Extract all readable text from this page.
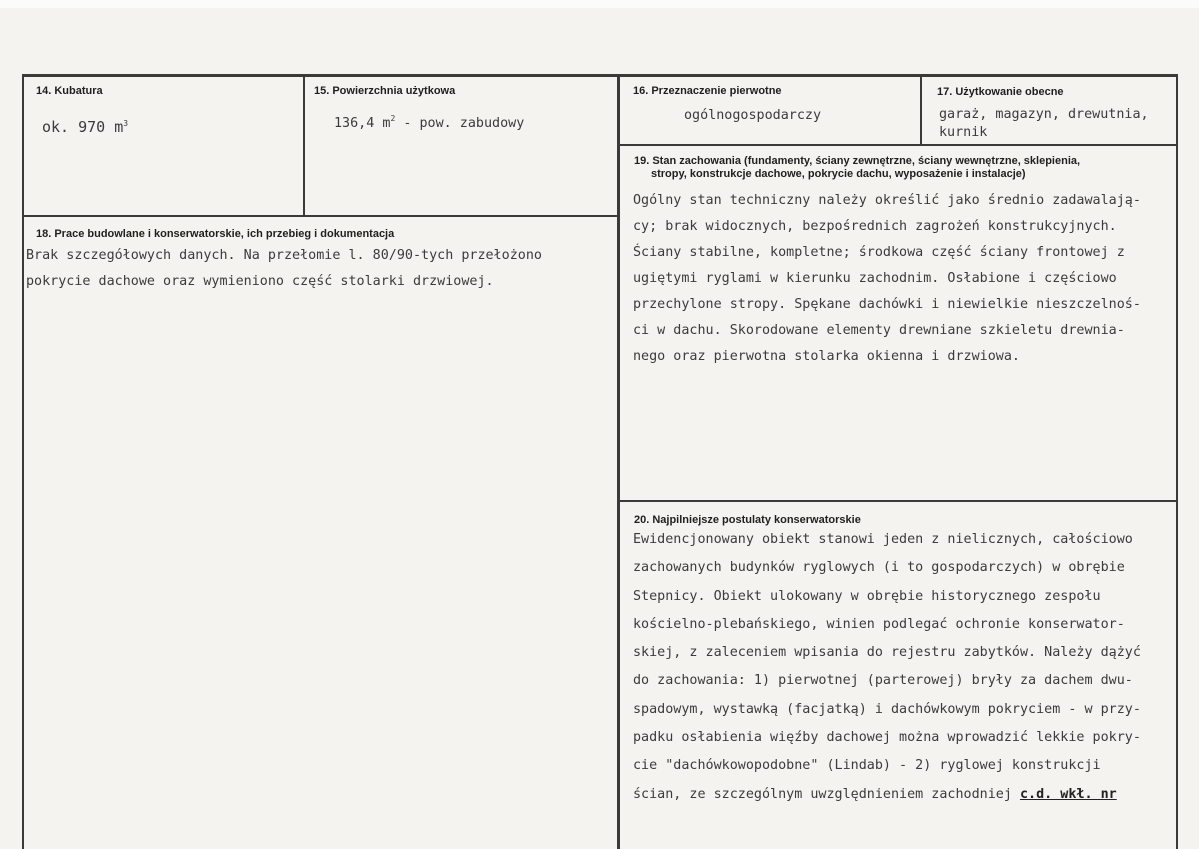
14. Kubatura
ok. 970 $m^3$
15. Powierzchnia użytkowa
136,4 $m^2$ - pow. zabudowy
16. Przeznaczenie pierwotne
ogólnogospodarczy
17. Użytkowanie obecne
garaż, magazyn, drewutnia,
kurnik
18. Prace budowlane i konserwatorskie, ich przebieg i dokumentacja
Brak szczegółowych danych. Na przełomie l. 80/90-tych przełożono
pokrycie dachowe oraz wymieniono część stolarki drzwiowej.
19. Stan zachowania (fundamenty, ściany zewnętrzne, ściany wewnętrzne, sklepienia,
stropy, konstrukcje dachowe, pokrycie dachu, wyposażenie i instalacje)
Ogólny stan techniczny należy określić jako średnio zadawalają-
cy; brak widocznych, bezpośrednich zagrożeń konstrukcyjnych.
Ściany stabilne, kompletne; środkowa część ściany frontowej z
ugiętymi ryglami w kierunku zachodnim. Osłabione i częściowo
przechylone stropy. Spękane dachówki i niewielkie nieszczelnoś-
ci w dachu. Skorodowane elementy drewniane szkieletu drewnia-
nego oraz pierwotna stolarka okienna i drzwiowa.
20. Najpilniejsze postulaty konserwatorskie
Ewidencjonowany obiekt stanowi jeden z nielicznych, całościowo
zachowanych budynków ryglowych (i to gospodarczych) w obrębie
Stepnicy. Obiekt ulokowany w obrębie historycznego zespołu
kościelno-plebańskiego, winien podlegać ochronie konserwator-
skiej, z zaleceniem wpisania do rejestru zabytków. Należy dążyć
do zachowania: 1) pierwotnej (parterowej) bryły za dachem dwu-
spadowym, wystawką (facjatką) i dachówkowym pokryciem - w przy-
padku osłabienia więźby dachowej można wprowadzić lekkie pokry-
cie "dachówkowopodobne" (Lindab) - 2) ryglowej konstrukcji
ścian, ze szczególnym uwzględnieniem zachodniej c.d. wkł. nr
